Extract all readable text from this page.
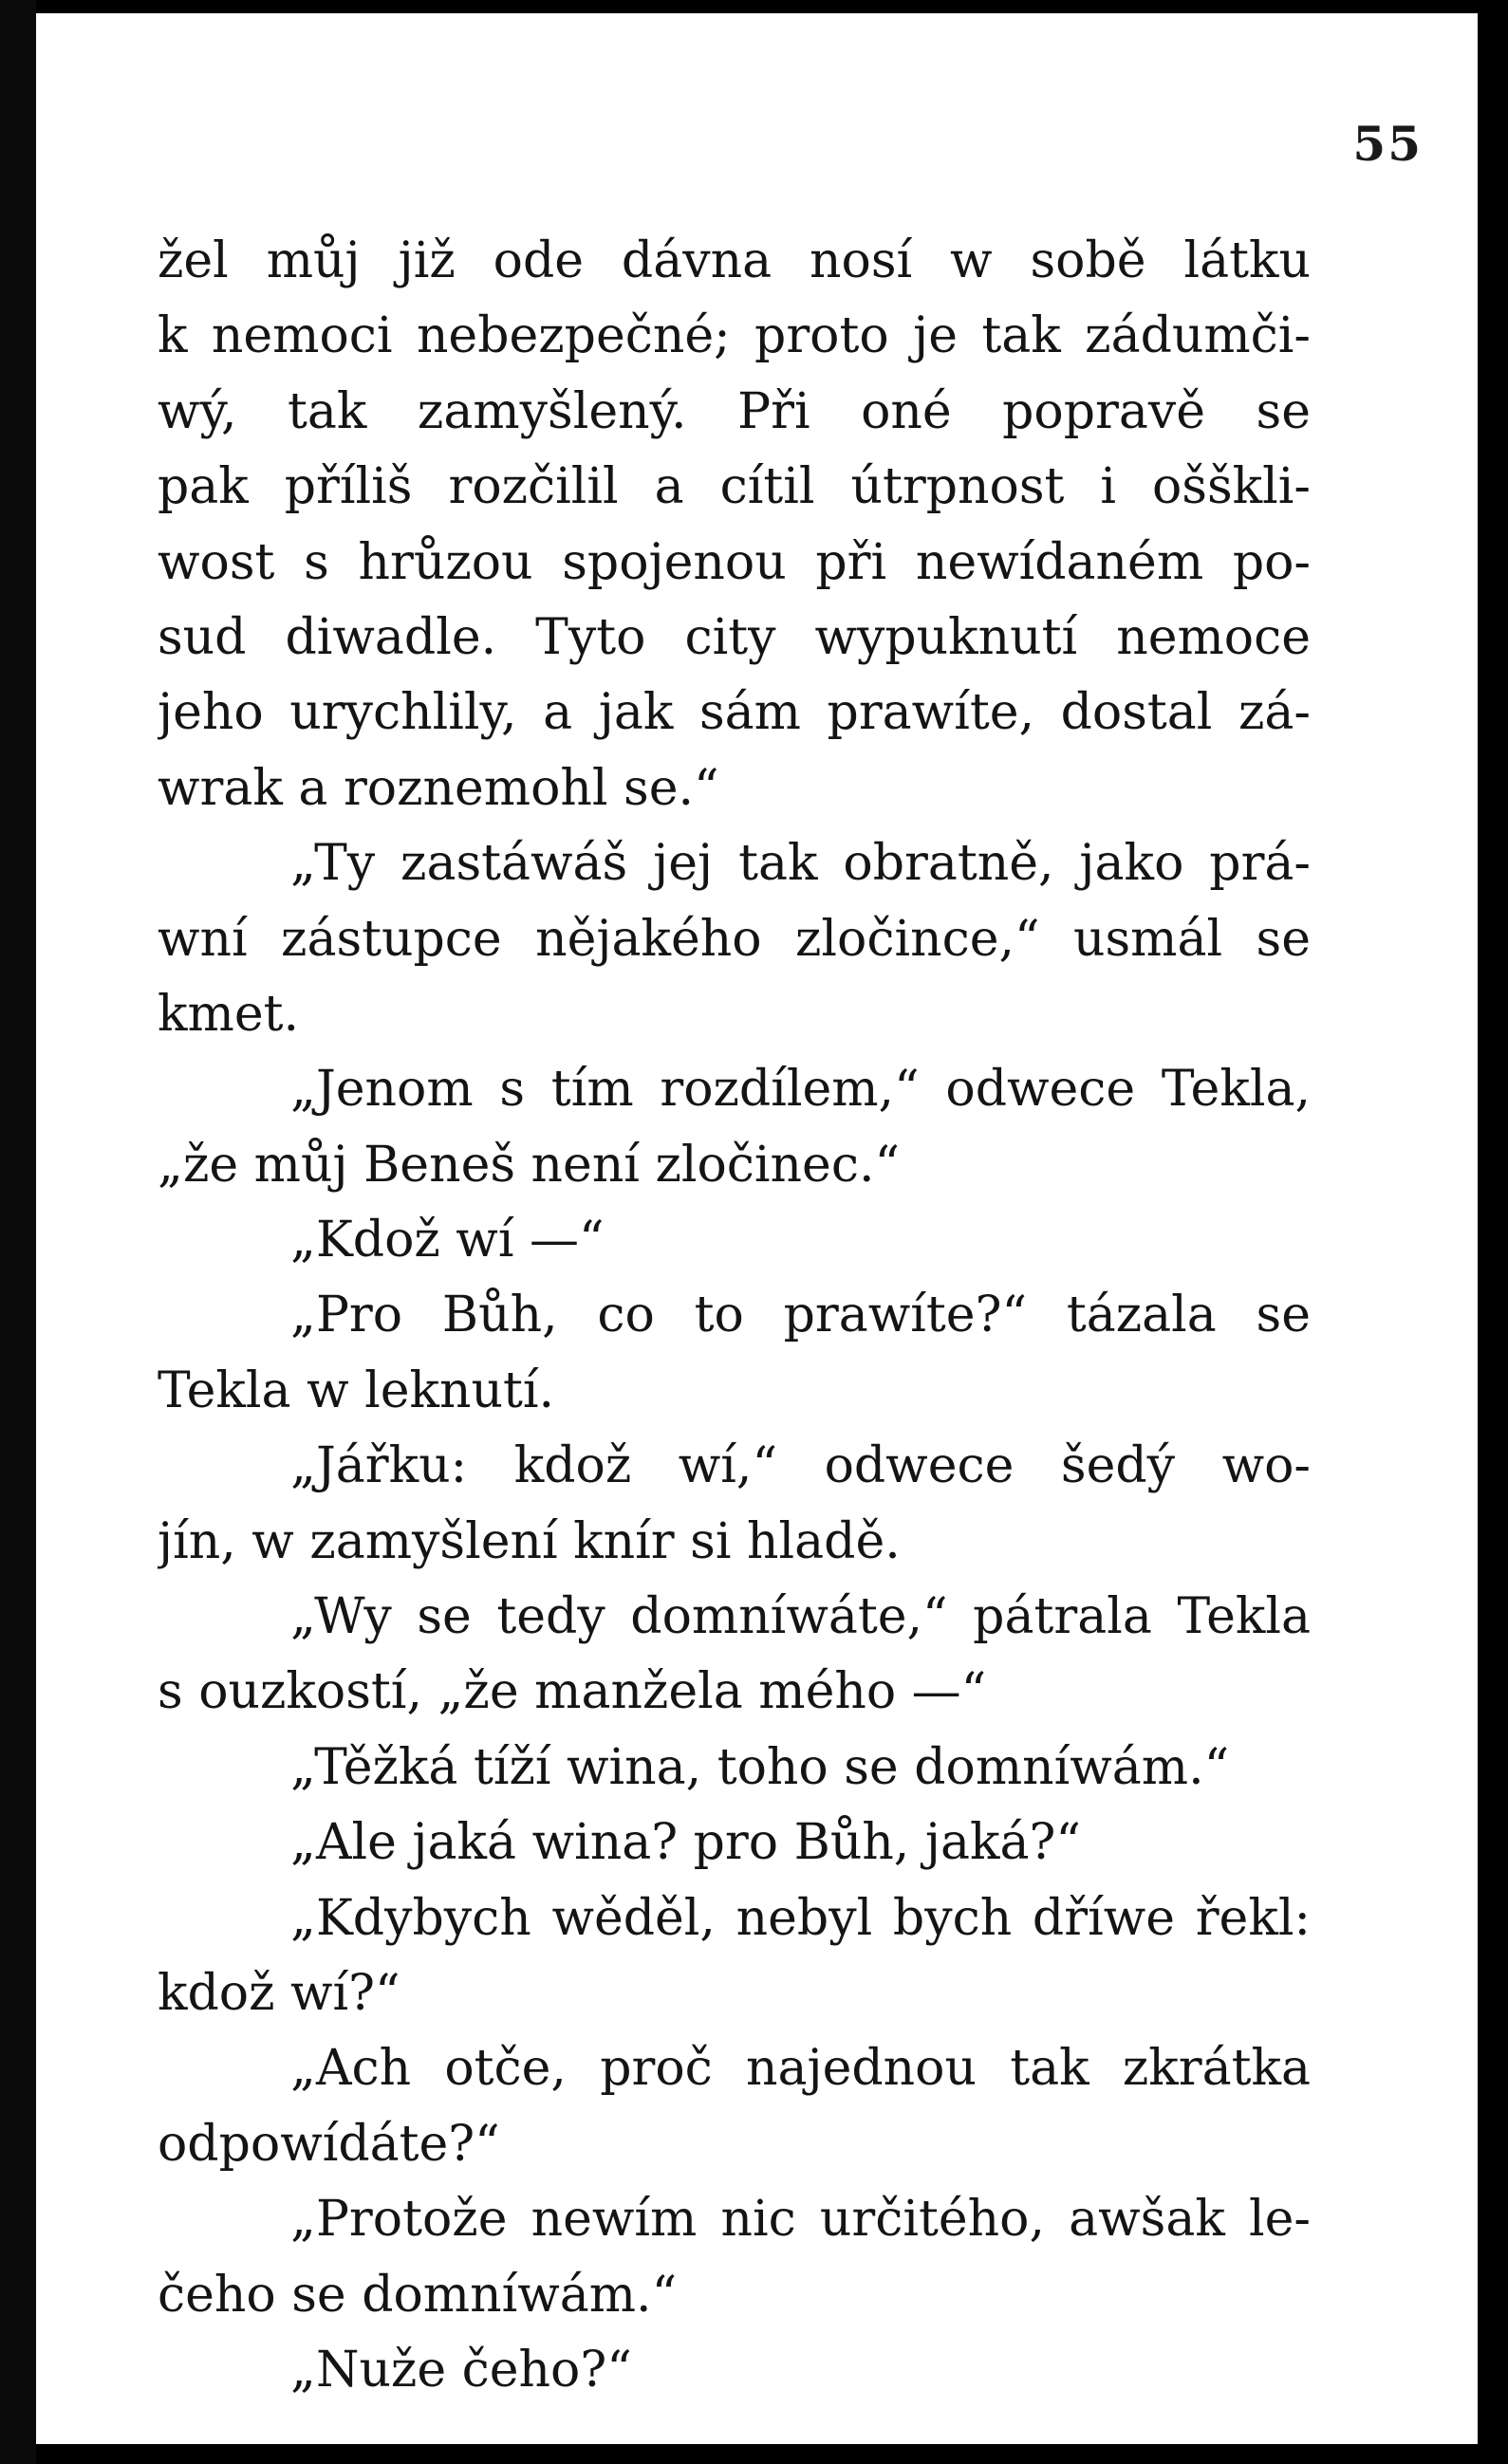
55
žel můj již ode dávna nosí w sobě látku
k nemoci nebezpečné; proto je tak zádumči-
wý, tak zamyšlený. Při oné popravě se
pak příliš rozčilil a cítil útrpnost i ošškli-
wost s hrůzou spojenou při newídaném po-
sud diwadle. Tyto city wypuknutí nemoce
jeho urychlily, a jak sám prawíte, dostal zá-
wrak a roznemohl se.“
„Ty zastáwáš jej tak obratně, jako prá-
wní zástupce nějakého zločince,“ usmál se
kmet.
„Jenom s tím rozdílem,“ odwece Tekla,
„že můj Beneš není zločinec.“
„Kdož wí —“
„Pro Bůh, co to prawíte?“ tázala se
Tekla w leknutí.
„Jářku: kdož wí,“ odwece šedý wo-
jín, w zamyšlení knír si hladě.
„Wy se tedy domníwáte,“ pátrala Tekla
s ouzkostí, „že manžela mého —“
„Těžká tíží wina, toho se domníwám.“
„Ale jaká wina? pro Bůh, jaká?“
„Kdybych wěděl, nebyl bych dříwe řekl:
kdož wí?“
„Ach otče, proč najednou tak zkrátka
odpowídáte?“
„Protože newím nic určitého, awšak le-
čeho se domníwám.“
„Nuže čeho?“
